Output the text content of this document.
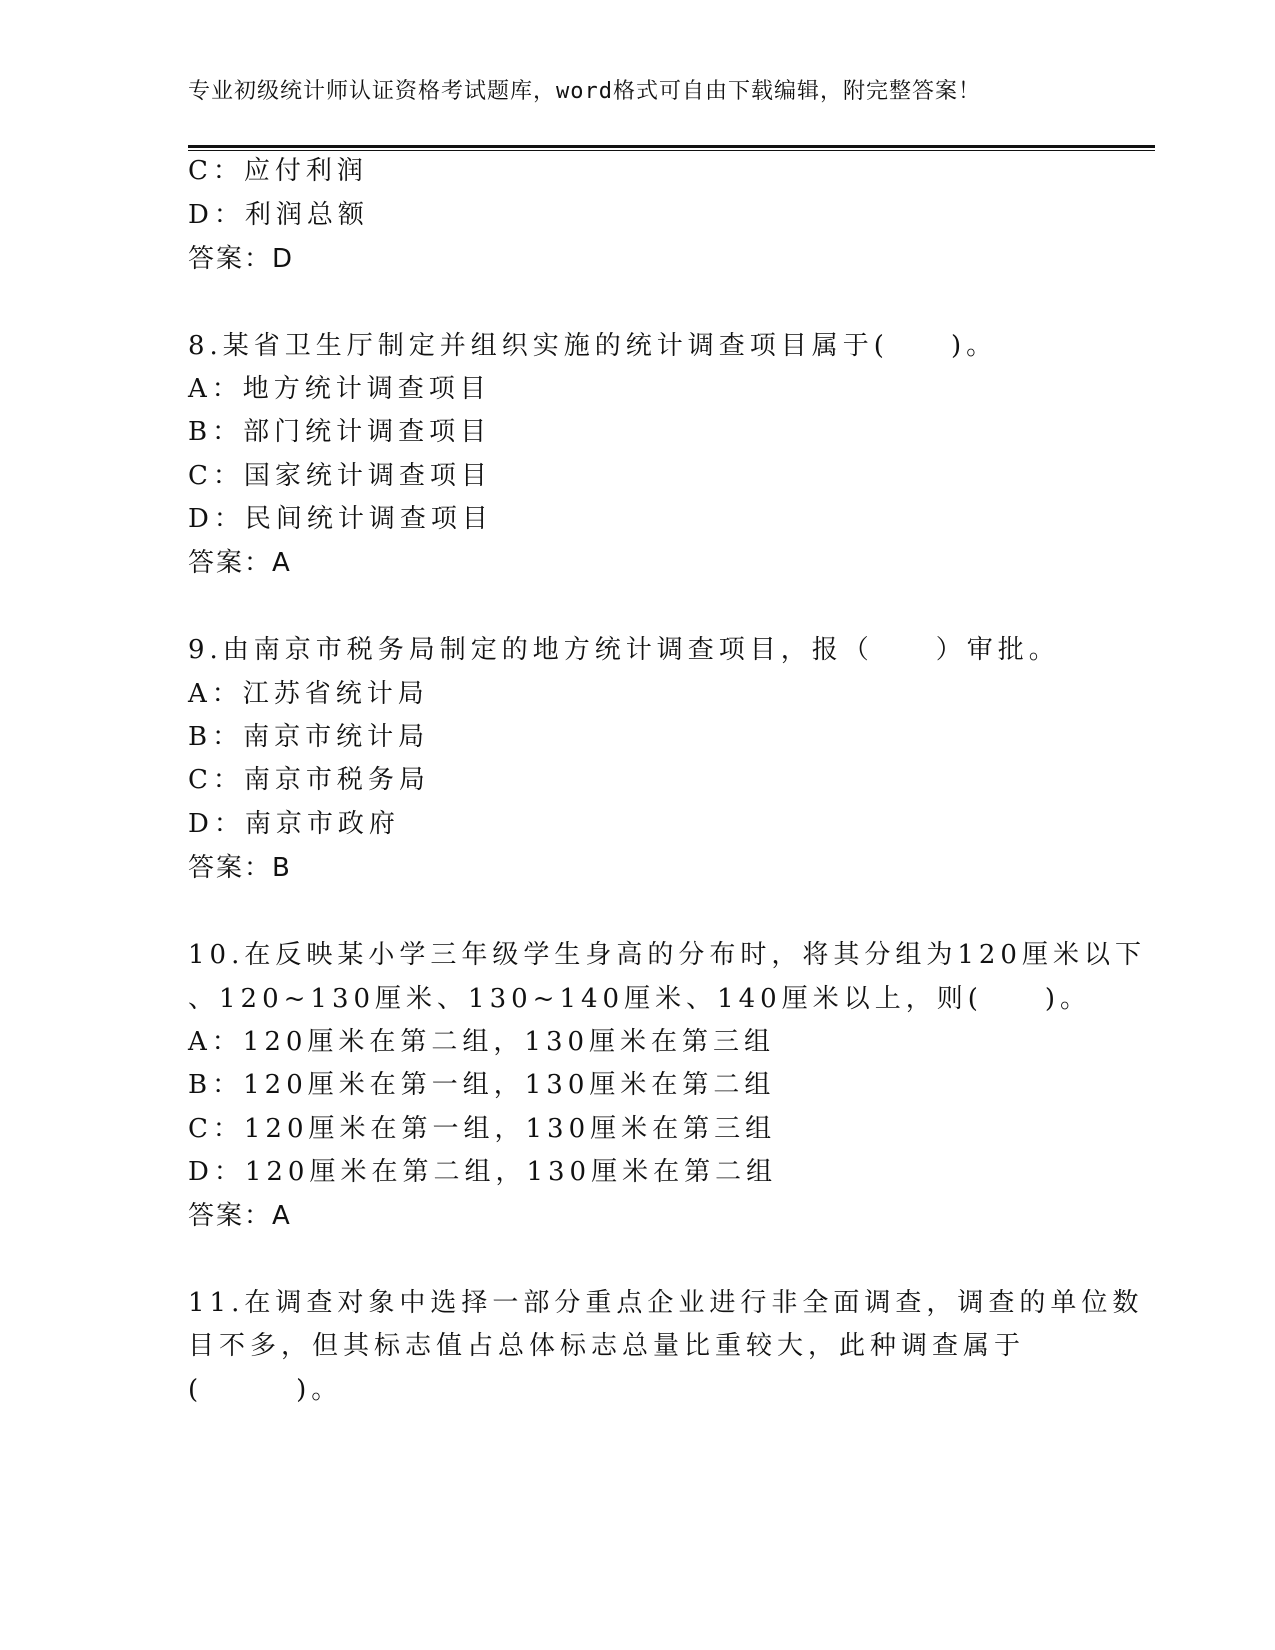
专业初级统计师认证资格考试题库，word格式可自由下载编辑，附完整答案！
C：应付利润
D：利润总额
答案：D
8.某省卫生厅制定并组织实施的统计调查项目属于(　　)。
A：地方统计调查项目
B：部门统计调查项目
C：国家统计调查项目
D：民间统计调查项目
答案：A
9.由南京市税务局制定的地方统计调查项目，报（　　）审批。
A：江苏省统计局
B：南京市统计局
C：南京市税务局
D：南京市政府
答案：B
10.在反映某小学三年级学生身高的分布时，将其分组为120厘米以下
、120~130厘米、130~140厘米、140厘米以上，则(　　)。
A：120厘米在第二组，130厘米在第三组
B：120厘米在第一组，130厘米在第二组
C：120厘米在第一组，130厘米在第三组
D：120厘米在第二组，130厘米在第二组
答案：A
11.在调查对象中选择一部分重点企业进行非全面调查，调查的单位数
目不多，但其标志值占总体标志总量比重较大，此种调查属于
(　　　)。
